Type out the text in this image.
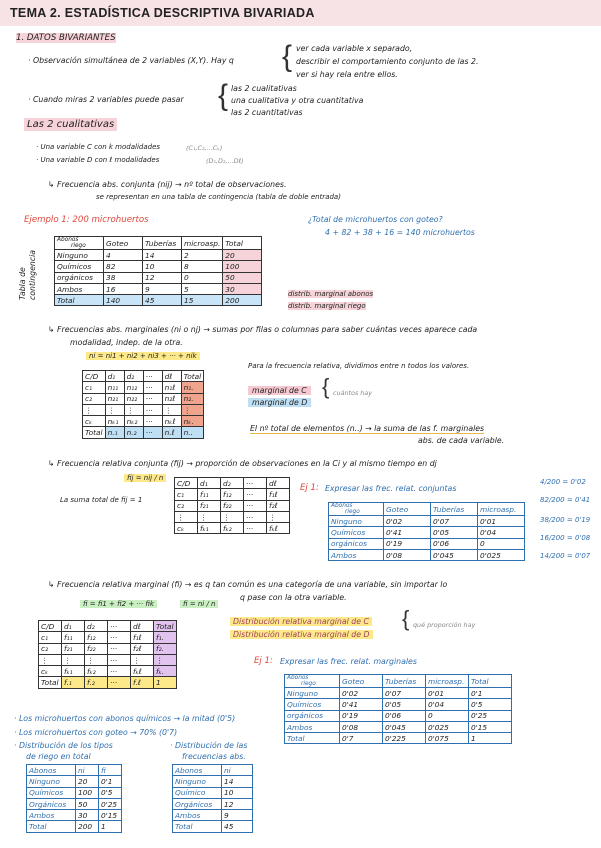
TEMA 2. ESTADÍSTICA DESCRIPTIVA BIVARIADA
1. DATOS BIVARIANTES
· Observación simultánea de 2 variables (X,Y). Hay q { ver cada variable x separado,
describir el comportamiento conjunto de las 2.
ver si hay rela entre ellos.
· Cuando miras 2 variables puede pasar { las 2 cualitativas
una cualitativa y otra cuantitativa
las 2 cuantitativas
Las 2 cualitativas
· Una variable C con k modalidades	(C₁,C₂,...Cₖ)
· Una variable D con ℓ modalidades	(D₁,D₂,...Dℓ)
↳ Frecuencia abs. conjunta (nij) → nº total de observaciones.
se representan en una tabla de contingencia (tabla de doble entrada)
Ejemplo 1: 200 microhuertos	¿Total de microhuertos con goteo?
4 + 82 + 38 + 16 = 140 microhuertos
Tabla de contingencia
Abonos
riego	Goteo	Tuberías	microasp.	Total
Ninguno	4	14	2	20
Químicos	82	10	8	100
orgánicos	38	12	0	50
Ambos	16	9	5	30
Total	140	45	15	200
distrib. marginal abonos
distrib. marginal riego
↳ Frecuencias abs. marginales (ni o nj) → sumas por filas o columnas para saber cuántas veces aparece cada
modalidad, indep. de la otra.
ni = ni1 + ni2 + ni3 + ··· + nik
C/D	d₁	d₂	···	dℓ	Total
c₁	n₁₁	n₁₂	···	n₁ℓ	n₁.
c₂	n₂₁	n₂₂	···	n₂ℓ	n₂.
⋮	⋮	⋮	···	⋮	⋮
cₖ	nₖ₁	nₖ₂	···	nₖℓ	nₖ.
Total	n.₁	n.₂	···	n.ℓ	n..
Para la frecuencia relativa, dividimos entre n todos los valores.
marginal de C
marginal de D
{ cuántos hay
El nº total de elementos (n..) → la suma de las f. marginales
abs. de cada variable.
↳ Frecuencia relativa conjunta (fij) → proporción de observaciones en la Ci y al mismo tiempo en dj
fij = nij / n
La suma total de fij = 1
C/D	d₁	d₂	···	dℓ
c₁	f₁₁	f₁₂	···	f₁ℓ
c₂	f₂₁	f₂₂	···	f₂ℓ
⋮	⋮	⋮	···	⋮
cₖ	fₖ₁	fₖ₂	···	fₖℓ
Ej 1: Expresar las frec. relat. conjuntas
Abonos
riego	Goteo	Tuberías	microasp.
Ninguno	0'02	0'07	0'01
Químicos	0'41	0'05	0'04
orgánicos	0'19	0'06	0
Ambos	0'08	0'045	0'025
4/200 = 0'02
82/200 = 0'41
38/200 = 0'19
16/200 = 0'08
14/200 = 0'07
↳ Frecuencia relativa marginal (fi) → es q tan común es una categoría de una variable, sin importar lo
q pase con la otra variable.
fi = fi1 + fi2 + ··· fik	fi = ni / n
C/D	d₁	d₂	···	dℓ	Total
c₁	f₁₁	f₁₂	···	f₁ℓ	f₁.
c₂	f₂₁	f₂₂	···	f₂ℓ	f₂.
⋮	⋮	⋮	···	⋮	⋮
cₖ	fₖ₁	fₖ₂	···	fₖℓ	fₖ.
Total	f.₁	f.₂	···	f.ℓ	1
Distribución relativa marginal de C
Distribución relativa marginal de D
{ qué proporción hay
Ej 1: Expresar las frec. relat. marginales
Abonos
riego	Goteo	Tuberías	microasp.	Total
Ninguno	0'02	0'07	0'01	0'1
Químicos	0'41	0'05	0'04	0'5
orgánicos	0'19	0'06	0	0'25
Ambos	0'08	0'045	0'025	0'15
Total	0'7	0'225	0'075	1
· Los microhuertos con abonos químicos → la mitad (0'5)
· Los microhuertos con goteo → 70% (0'7)
· Distribución de los tipos
de riego en total
Abonos	ni	fi
Ninguno	20	0'1
Químicos	100	0'5
Orgánicos	50	0'25
Ambos	30	0'15
Total	200	1
· Distribución de las
frecuencias abs.
Abonos	ni
Ninguno	14
Químico	10
Orgánicos	12
Ambos	9
Total	45
